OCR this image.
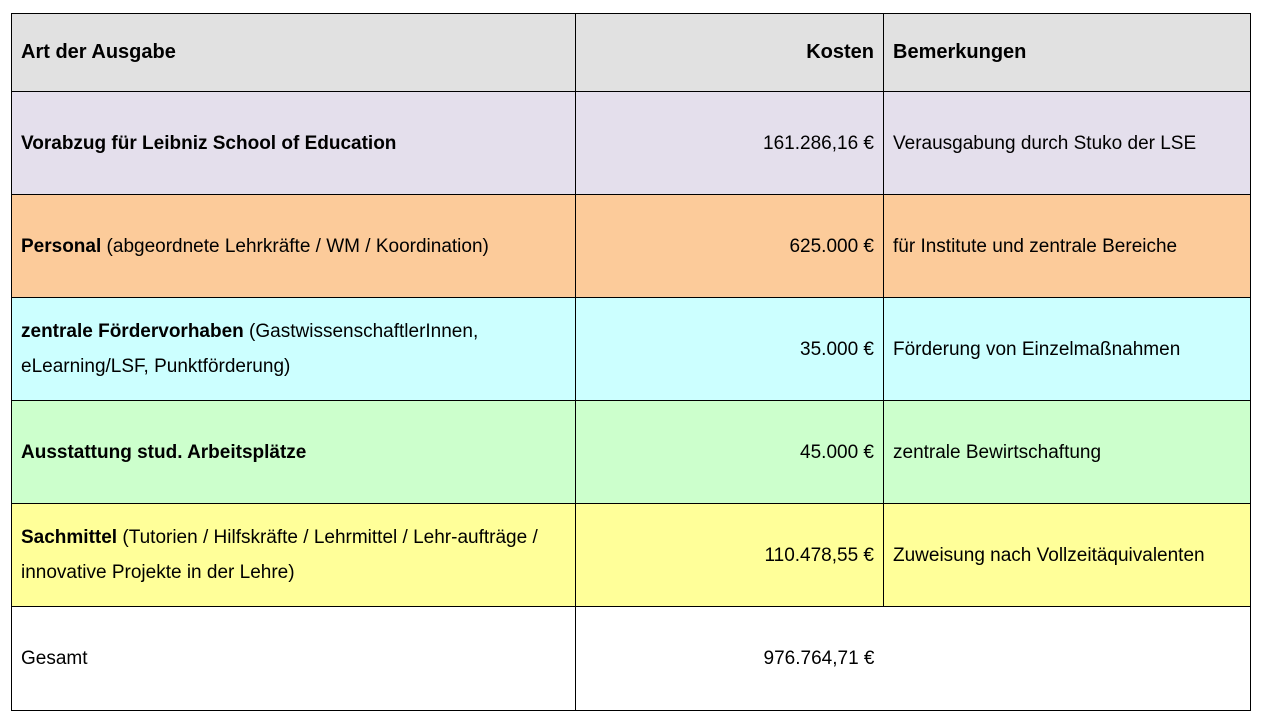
Art der Ausgabe	Kosten	Bemerkungen
Vorabzug für Leibniz School of Education	161.286,16 €	Verausgabung durch Stuko der LSE
Personal (abgeordnete Lehrkräfte / WM / Koordination)	625.000 €	für Institute und zentrale Bereiche
zentrale Fördervorhaben (GastwissenschaftlerInnen, eLearning/LSF, Punktförderung)	35.000 €	Förderung von Einzelmaßnahmen
Ausstattung stud. Arbeitsplätze	45.000 €	zentrale Bewirtschaftung
Sachmittel (Tutorien / Hilfskräfte / Lehrmittel / Lehr-aufträge / innovative Projekte in der Lehre)	110.478,55 €	Zuweisung nach Vollzeitäquivalenten
Gesamt	976.764,71 €	
